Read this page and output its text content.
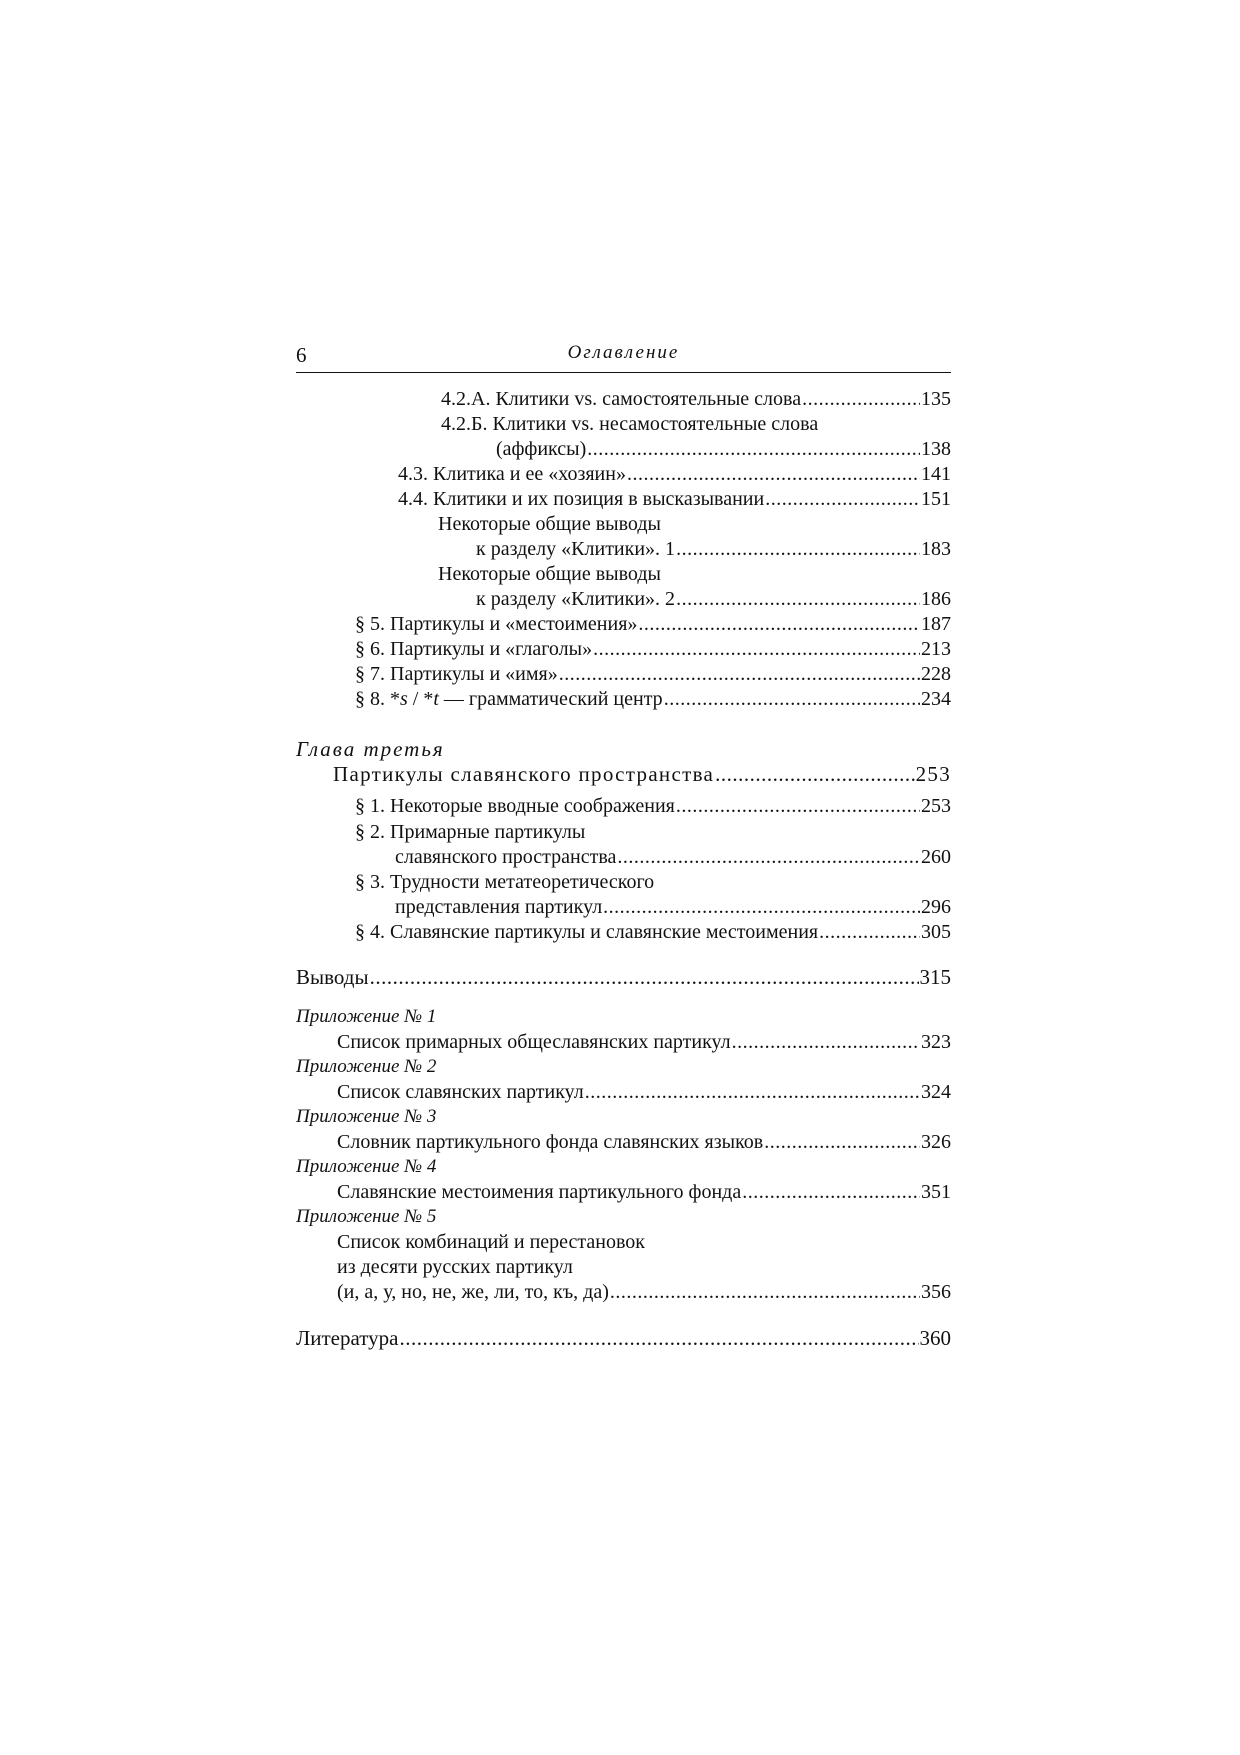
6	Оглавление
4.2.А. Клитики vs. самостоятельные слова .....	135
4.2.Б. Клитики vs. несамостоятельные слова
(аффиксы) .....	138
4.3. Клитика и ее «хозяин» .....	141
4.4. Клитики и их позиция в высказывании .....	151
Некоторые общие выводы
к разделу «Клитики». 1 .....	183
Некоторые общие выводы
к разделу «Клитики». 2 .....	186
§ 5. Партикулы и «местоимения» .....	187
§ 6. Партикулы и «глаголы» .....	213
§ 7. Партикулы и «имя» .....	228
§ 8. *s / *t — грамматический центр .....	234
Глава третья
Партикулы славянского пространства .....	253
§ 1. Некоторые вводные соображения .....	253
§ 2. Примарные партикулы
славянского пространства .....	260
§ 3. Трудности метатеоретического
представления партикул .....	296
§ 4. Славянские партикулы и славянские местоимения .....	305
Выводы .....	315
Приложение № 1
Список примарных общеславянских партикул .....	323
Приложение № 2
Список славянских партикул .....	324
Приложение № 3
Словник партикульного фонда славянских языков .....	326
Приложение № 4
Славянские местоимения партикульного фонда .....	351
Приложение № 5
Список комбинаций и перестановок
из десяти русских партикул
(и, а, у, но, не, же, ли, то, къ, да) .....	356
Литература .....	360
